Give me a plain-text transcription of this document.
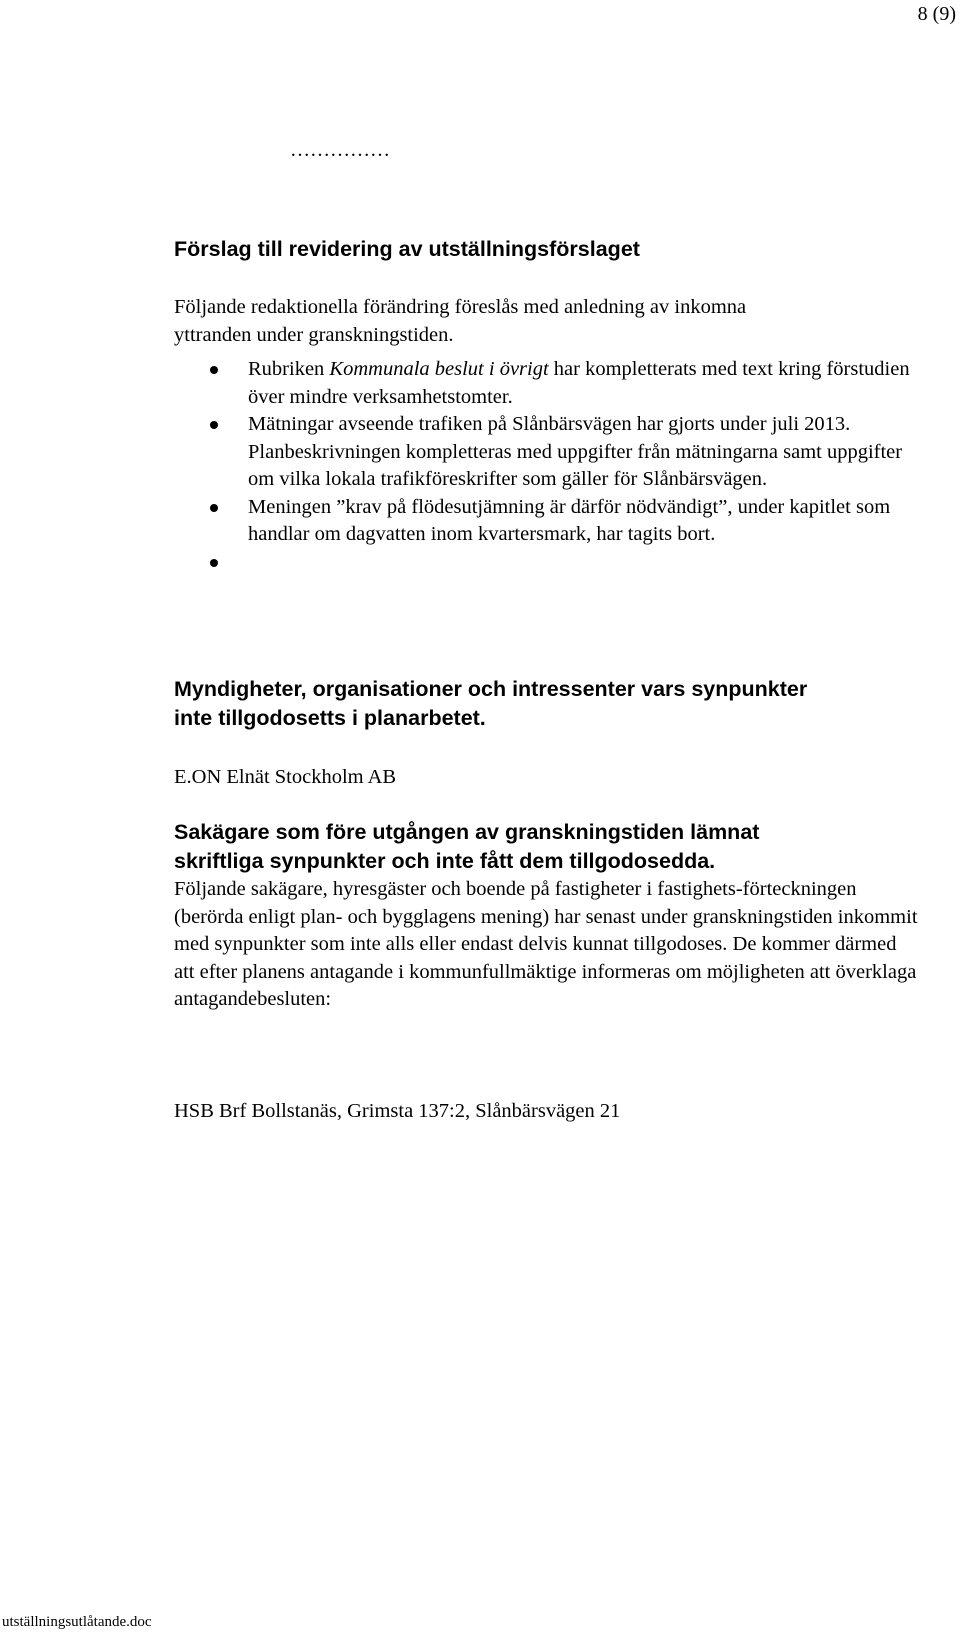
8 (9)
……………
Förslag till revidering av utställningsförslaget

Följande redaktionella förändring föreslås med anledning av inkomna yttranden under granskningstiden.

Rubriken Kommunala beslut i övrigt har kompletterats med text kring förstudien över mindre verksamhetstomter.
Mätningar avseende trafiken på Slånbärsvägen har gjorts under juli 2013. Planbeskrivningen kompletteras med uppgifter från mätningarna samt uppgifter om vilka lokala trafikföreskrifter som gäller för Slånbärsvägen.
Meningen ”krav på flödesutjämning är därför nödvändigt”, under kapitlet som handlar om dagvatten inom kvartersmark, har tagits bort.
Myndigheter, organisationer och intressenter vars synpunkter
inte tillgodosetts i planarbetet.
E.ON Elnät Stockholm AB
Sakägare som före utgången av granskningstiden lämnat
skriftliga synpunkter och inte fått dem tillgodosedda.

Följande sakägare, hyresgäster och boende på fastigheter i fastighets-förteckningen (berörda enligt plan- och bygglagens mening) har senast under granskningstiden inkommit med synpunkter som inte alls eller endast delvis kunnat tillgodoses. De kommer därmed att efter planens antagande i kommunfullmäktige informeras om möjligheten att överklaga antagandebesluten:

HSB Brf Bollstanäs, Grimsta 137:2, Slånbärsvägen 21
utställningsutlåtande.doc
